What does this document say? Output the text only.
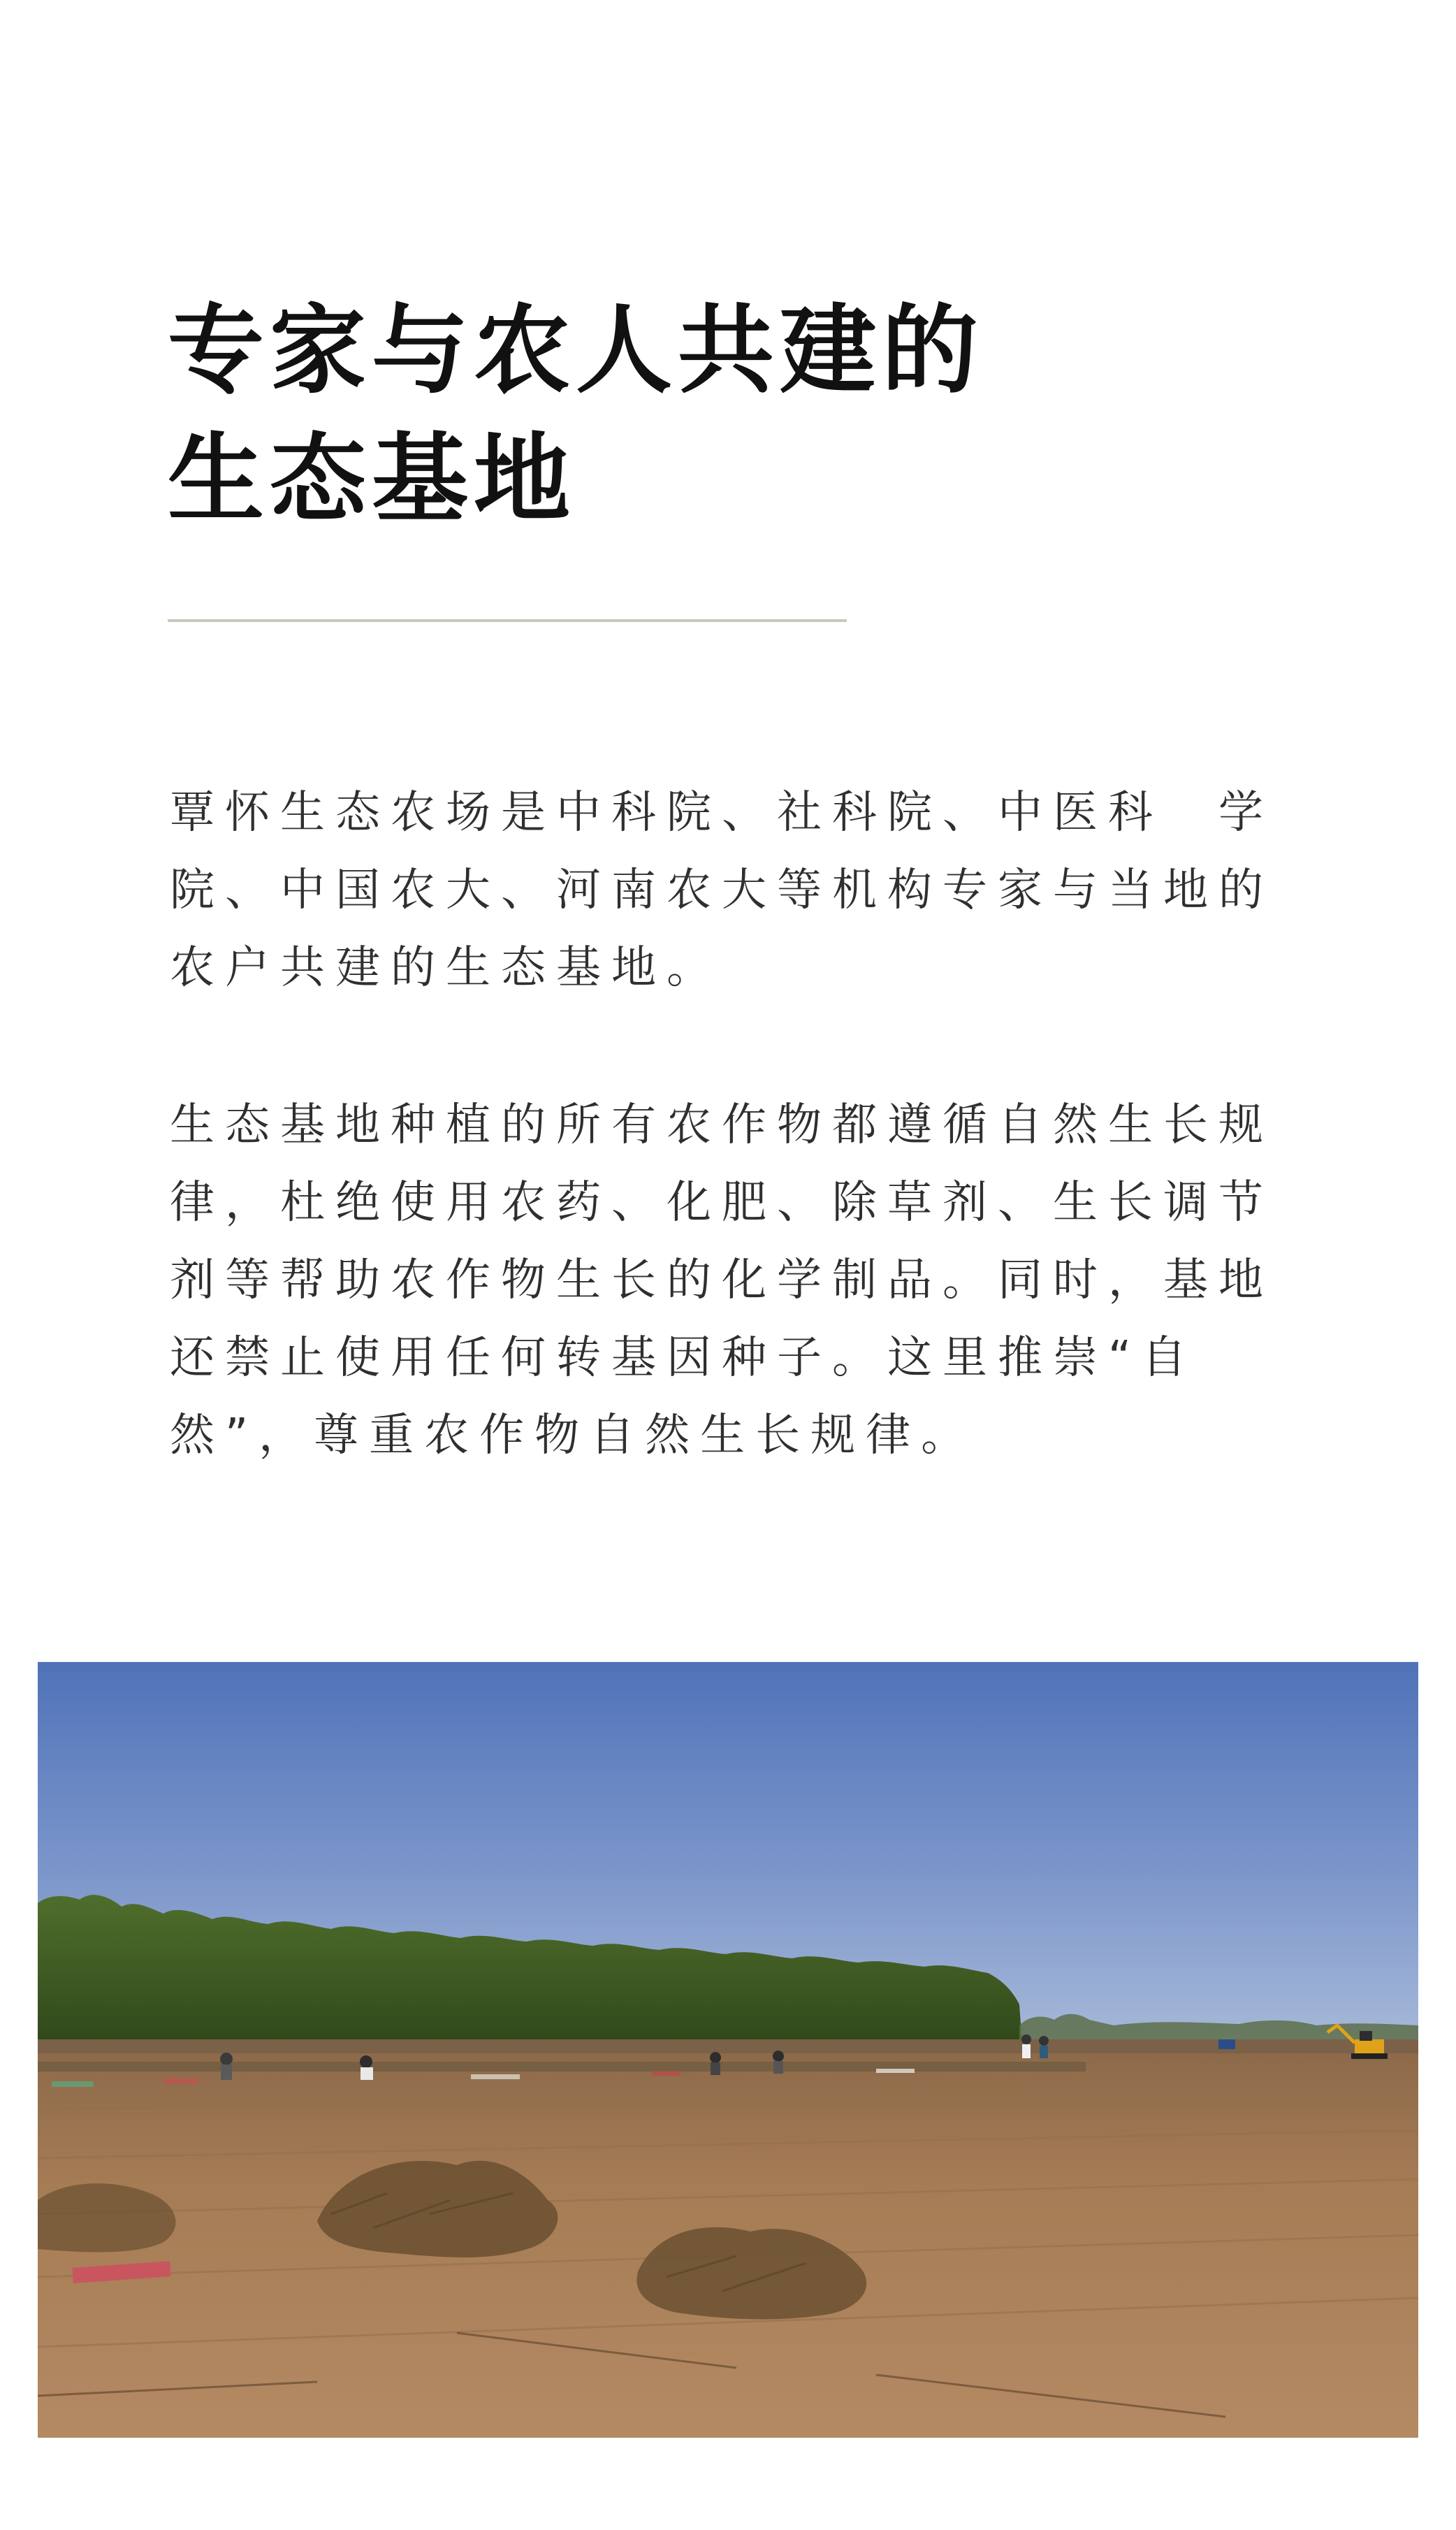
专家与农人共建的
生态基地

覃怀生态农场是中科院、社科院、中医科　学
院、中国农大、河南农大等机构专家与当地的
农户共建的生态基地。

生态基地种植的所有农作物都遵循自然生长规
律，杜绝使用农药、化肥、除草剂、生长调节
剂等帮助农作物生长的化学制品。同时，基地
还禁止使用任何转基因种子。这里推崇“自
然”，尊重农作物自然生长规律。
